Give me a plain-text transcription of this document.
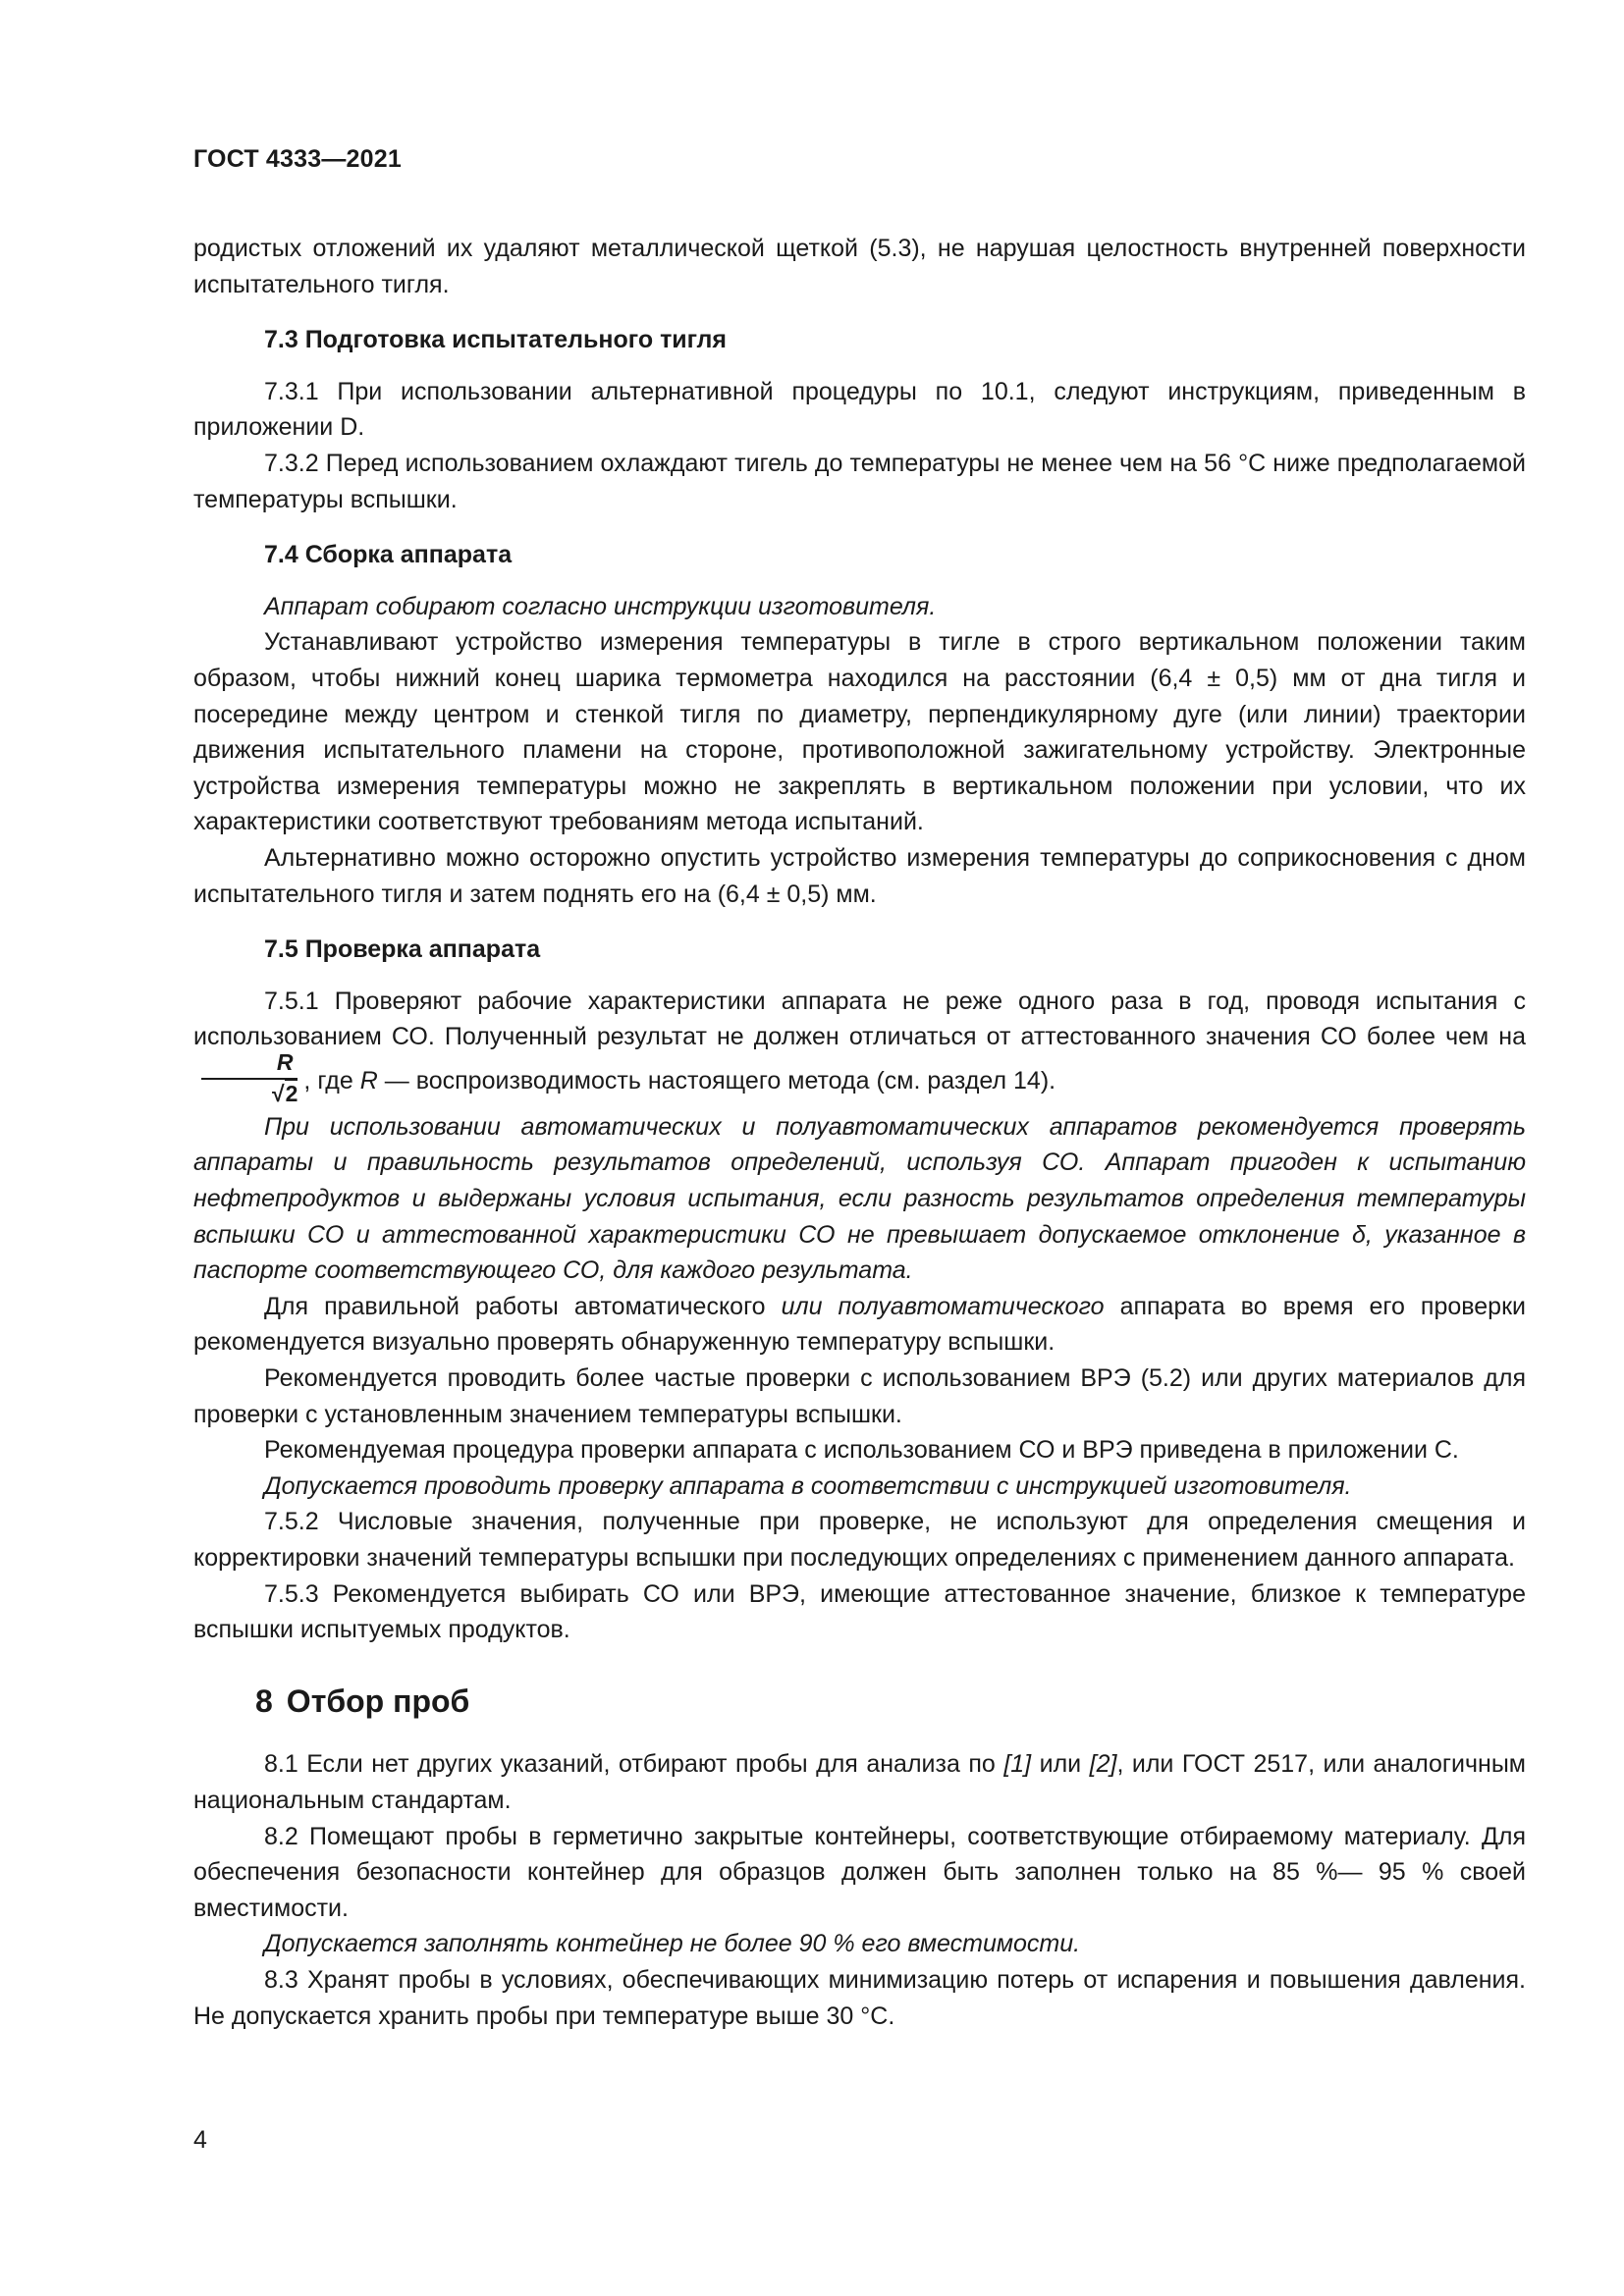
ГОСТ 4333—2021

родистых отложений их удаляют металлической щеткой (5.3), не нарушая целостность внутренней поверхности испытательного тигля.

7.3 Подготовка испытательного тигля

7.3.1 При использовании альтернативной процедуры по 10.1, следуют инструкциям, приведенным в приложении D.

7.3.2 Перед использованием охлаждают тигель до температуры не менее чем на 56 °С ниже предполагаемой температуры вспышки.

7.4 Сборка аппарата

Аппарат собирают согласно инструкции изготовителя.

Устанавливают устройство измерения температуры в тигле в строго вертикальном положении таким образом, чтобы нижний конец шарика термометра находился на расстоянии (6,4 ± 0,5) мм от дна тигля и посередине между центром и стенкой тигля по диаметру, перпендикулярному дуге (или линии) траектории движения испытательного пламени на стороне, противоположной зажигательному устройству. Электронные устройства измерения температуры можно не закреплять в вертикальном положении при условии, что их характеристики соответствуют требованиям метода испытаний.

Альтернативно можно осторожно опустить устройство измерения температуры до соприкосновения с дном испытательного тигля и затем поднять его на (6,4 ± 0,5) мм.

7.5 Проверка аппарата

7.5.1 Проверяют рабочие характеристики аппарата не реже одного раза в год, проводя испытания с использованием СО. Полученный результат не должен отличаться от аттестованного значения СО более чем на
$\frac{R}{√2}$ , где R — воспроизводимость настоящего метода (см. раздел 14).

При использовании автоматических и полуавтоматических аппаратов рекомендуется проверять аппараты и правильность результатов определений, используя СО. Аппарат пригоден к испытанию нефтепродуктов и выдержаны условия испытания, если разность результатов определения температуры вспышки СО и аттестованной характеристики СО не превышает допускаемое отклонение δ, указанное в паспорте соответствующего СО, для каждого результата.

Для правильной работы автоматического или полуавтоматического аппарата во время его проверки рекомендуется визуально проверять обнаруженную температуру вспышки.

Рекомендуется проводить более частые проверки с использованием ВРЭ (5.2) или других материалов для проверки с установленным значением температуры вспышки.

Рекомендуемая процедура проверки аппарата с использованием СО и ВРЭ приведена в приложении С.

Допускается проводить проверку аппарата в соответствии с инструкцией изготовителя.

7.5.2 Числовые значения, полученные при проверке, не используют для определения смещения и корректировки значений температуры вспышки при последующих определениях с применением данного аппарата.

7.5.3 Рекомендуется выбирать СО или ВРЭ, имеющие аттестованное значение, близкое к температуре вспышки испытуемых продуктов.

8 Отбор проб

8.1 Если нет других указаний, отбирают пробы для анализа по [1] или [2], или ГОСТ 2517, или аналогичным национальным стандартам.

8.2 Помещают пробы в герметично закрытые контейнеры, соответствующие отбираемому материалу. Для обеспечения безопасности контейнер для образцов должен быть заполнен только на 85 %— 95 % своей вместимости.

Допускается заполнять контейнер не более 90 % его вместимости.

8.3 Хранят пробы в условиях, обеспечивающих минимизацию потерь от испарения и повышения давления. Не допускается хранить пробы при температуре выше 30 °С.

4
